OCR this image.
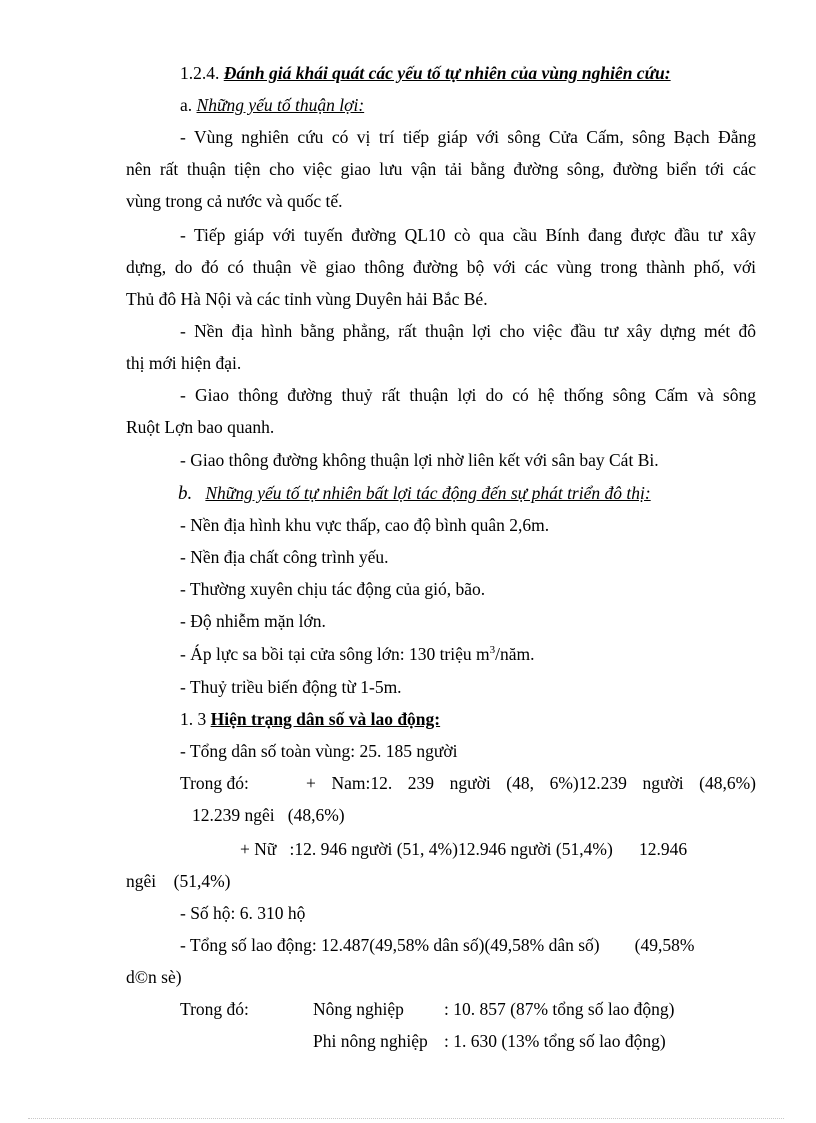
1.2.4. Đánh giá khái quát các yếu tố tự nhiên của vùng nghiên cứu:
a. Những yếu tố thuận lợi:
- Vùng nghiên cứu có vị trí tiếp giáp với sông Cửa Cấm, sông Bạch Đằng
nên rất thuận tiện cho việc giao lưu vận tải bằng đường sông, đường biển tới các
vùng trong cả nước và quốc tế.
- Tiếp giáp với tuyến đường QL10 cò qua cầu Bính đang được đầu tư xây
dựng, do đó có thuận về giao thông đường bộ với các vùng trong thành phố, với
Thủ đô Hà Nội và các tỉnh vùng Duyên hải Bắc Bé.
- Nền địa hình bằng phẳng, rất thuận lợi cho việc đầu tư xây dựng mét đô
thị mới hiện đại.
- Giao thông đường thuỷ rất thuận lợi do có hệ thống sông Cấm và sông
Ruột Lợn bao quanh.
- Giao thông đường không thuận lợi nhờ liên kết với sân bay Cát Bi.
b. Những yếu tố tự nhiên bất lợi tác động đến sự phát triển đô thị:
- Nền địa hình khu vực thấp, cao độ bình quân 2,6m.
- Nền địa chất công trình yếu.
- Thường xuyên chịu tác động của gió, bão.
- Độ nhiễm mặn lớn.
- Áp lực sa bồi tại cửa sông lớn: 130 triệu $m^3$/năm.
- Thuỷ triều biến động từ 1-5m.
1. 3 Hiện trạng dân số và lao động:
- Tổng dân số toàn vùng: 25. 185 người
Trong đó:	+ Nam:12. 239 người (48, 6%)12.239 người (48,6%)
12.239 ngêi   (48,6%)
+ Nữ   :12. 946 người (51, 4%)12.946 người (51,4%)      12.946
ngêi    (51,4%)
- Số hộ: 6. 310 hộ
- Tổng số lao động: 12.487(49,58% dân số)(49,58% dân số)        (49,58%
d©n sè)
Trong đó:	Nông nghiệp : 10. 857 (87% tổng số lao động)
Phi nông nghiệp : 1. 630 (13% tổng số lao động)
